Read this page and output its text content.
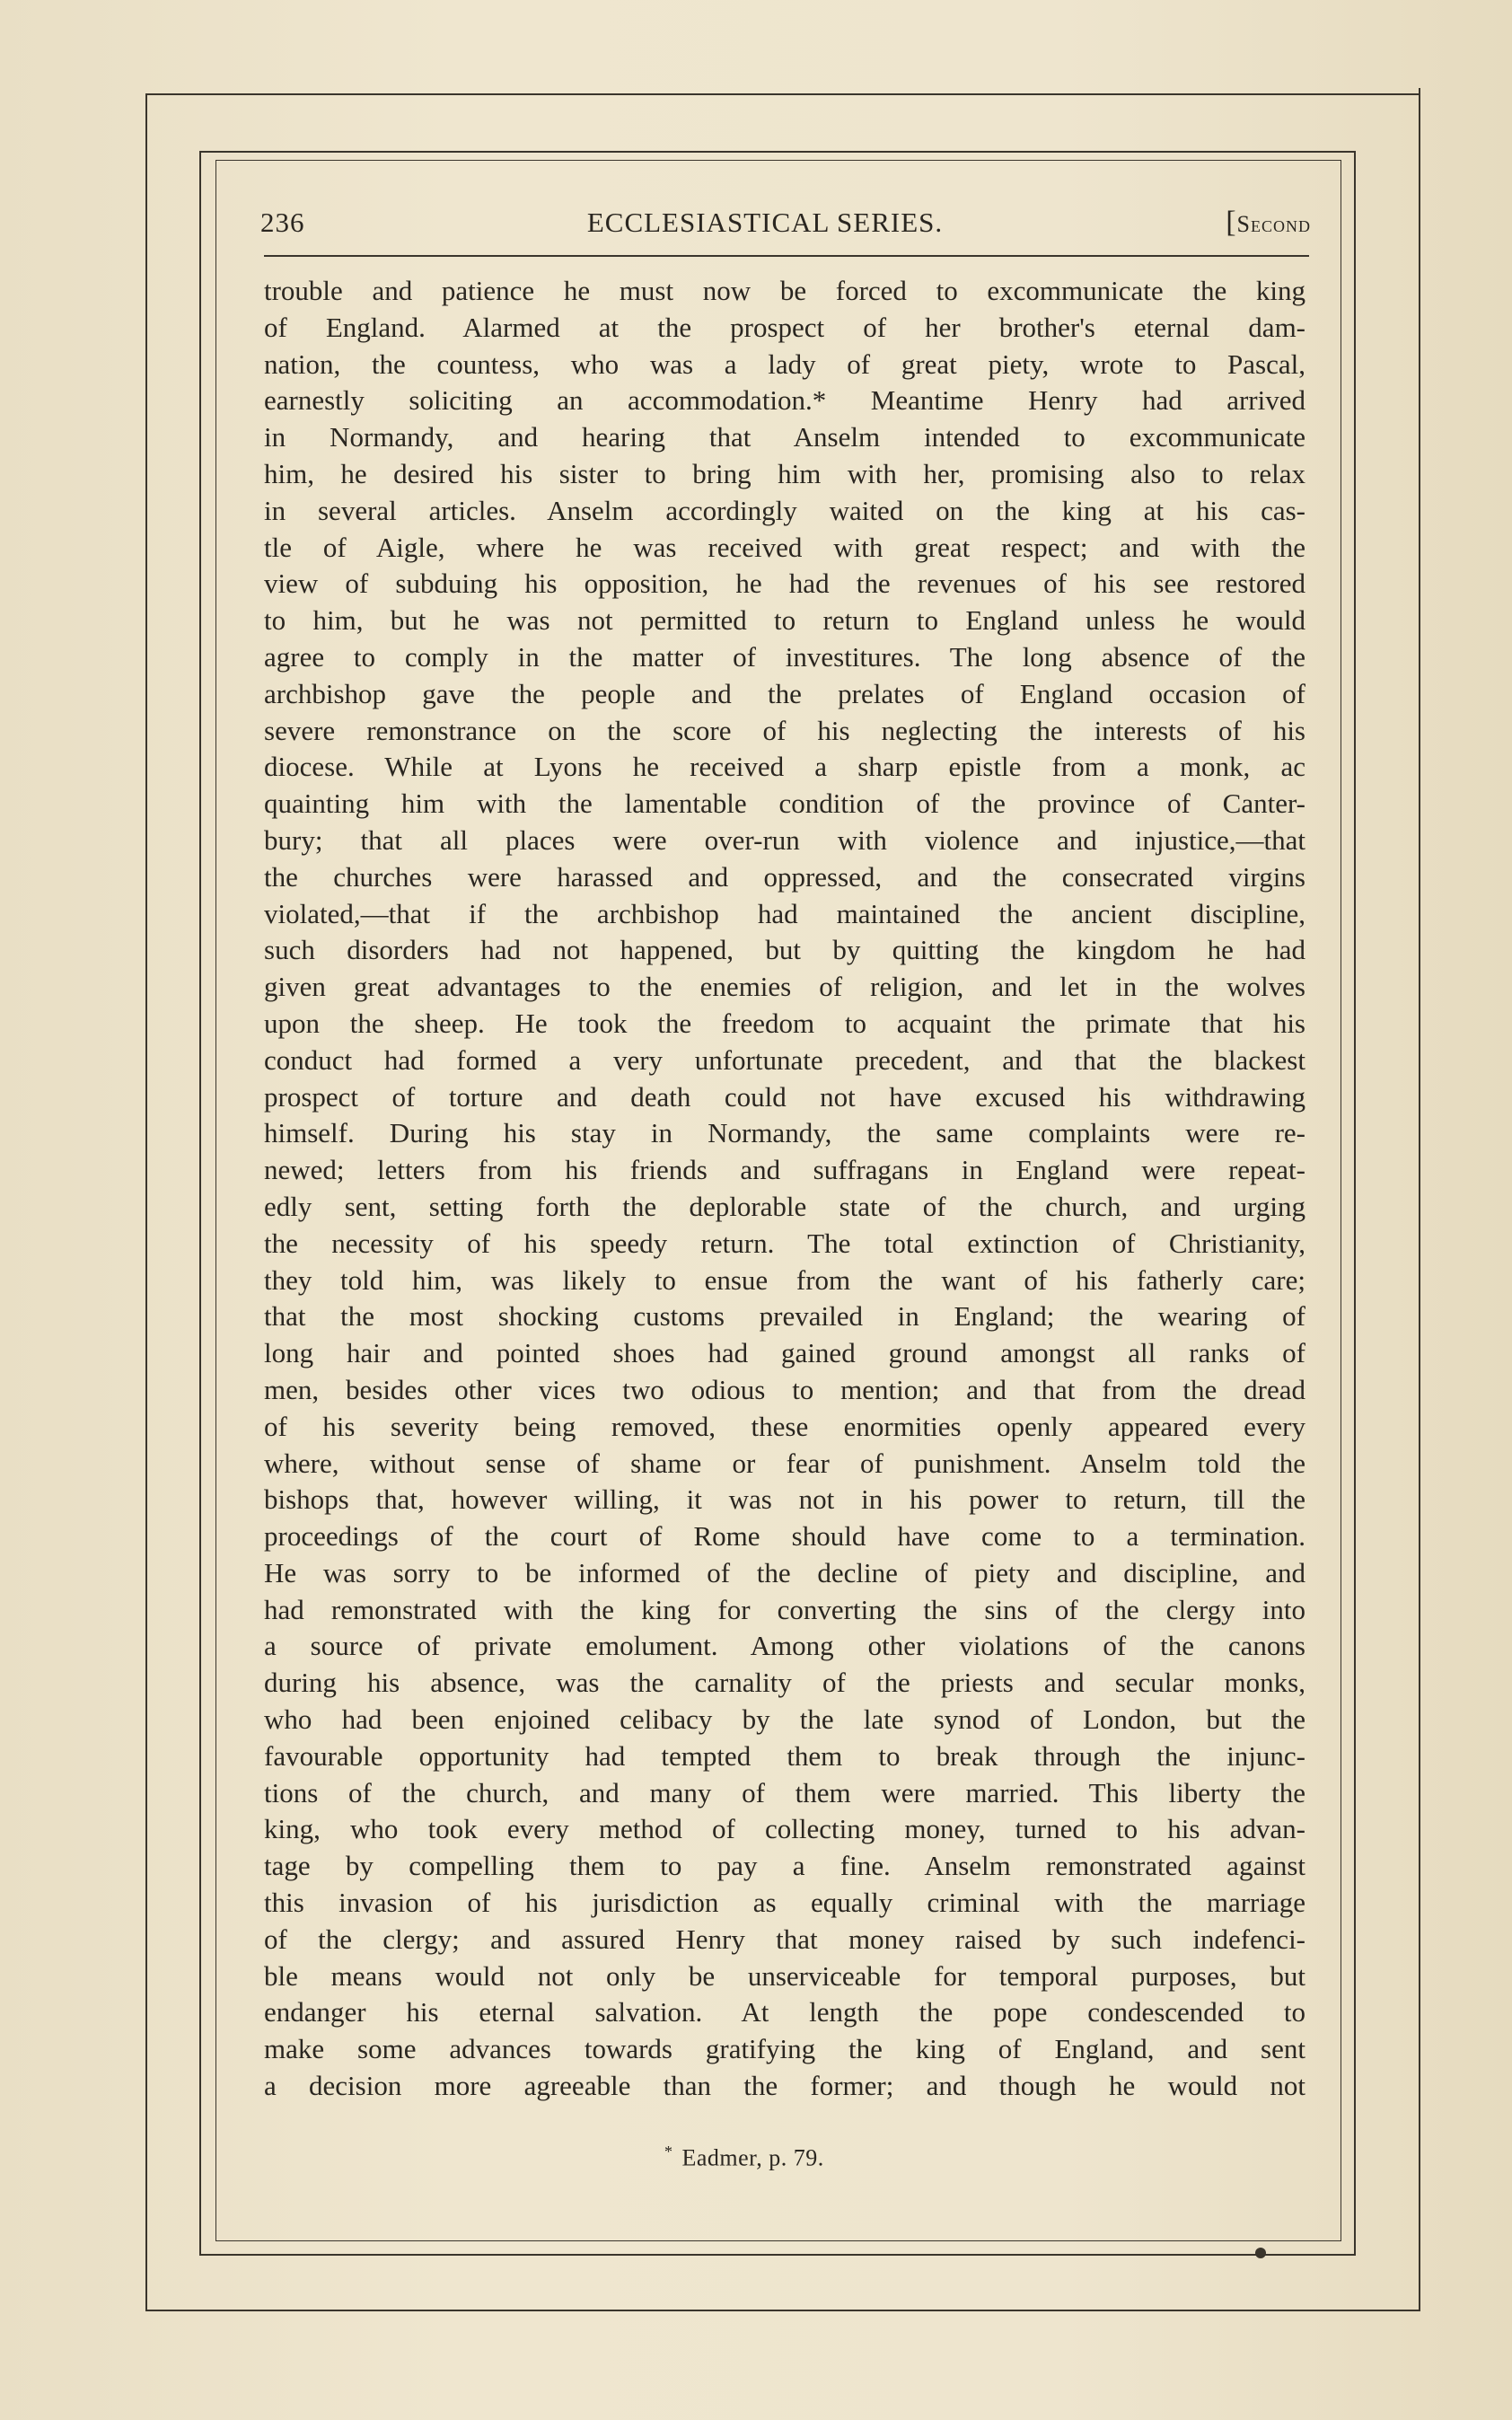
236	ECCLESIASTICAL SERIES.	[Second
trouble and patience he must now be forced to excommunicate the king
of England. Alarmed at the prospect of her brother's eternal dam-
nation, the countess, who was a lady of great piety, wrote to Pascal,
earnestly soliciting an accommodation.* Meantime Henry had arrived
in Normandy, and hearing that Anselm intended to excommunicate
him, he desired his sister to bring him with her, promising also to relax
in several articles. Anselm accordingly waited on the king at his cas-
tle of Aigle, where he was received with great respect; and with the
view of subduing his opposition, he had the revenues of his see restored
to him, but he was not permitted to return to England unless he would
agree to comply in the matter of investitures. The long absence of the
archbishop gave the people and the prelates of England occasion of
severe remonstrance on the score of his neglecting the interests of his
diocese. While at Lyons he received a sharp epistle from a monk, ac
quainting him with the lamentable condition of the province of Canter-
bury; that all places were over-run with violence and injustice,—that
the churches were harassed and oppressed, and the consecrated virgins
violated,—that if the archbishop had maintained the ancient discipline,
such disorders had not happened, but by quitting the kingdom he had
given great advantages to the enemies of religion, and let in the wolves
upon the sheep. He took the freedom to acquaint the primate that his
conduct had formed a very unfortunate precedent, and that the blackest
prospect of torture and death could not have excused his withdrawing
himself. During his stay in Normandy, the same complaints were re-
newed; letters from his friends and suffragans in England were repeat-
edly sent, setting forth the deplorable state of the church, and urging
the necessity of his speedy return. The total extinction of Christianity,
they told him, was likely to ensue from the want of his fatherly care;
that the most shocking customs prevailed in England; the wearing of
long hair and pointed shoes had gained ground amongst all ranks of
men, besides other vices two odious to mention; and that from the dread
of his severity being removed, these enormities openly appeared every
where, without sense of shame or fear of punishment. Anselm told the
bishops that, however willing, it was not in his power to return, till the
proceedings of the court of Rome should have come to a termination.
He was sorry to be informed of the decline of piety and discipline, and
had remonstrated with the king for converting the sins of the clergy into
a source of private emolument. Among other violations of the canons
during his absence, was the carnality of the priests and secular monks,
who had been enjoined celibacy by the late synod of London, but the
favourable opportunity had tempted them to break through the injunc-
tions of the church, and many of them were married. This liberty the
king, who took every method of collecting money, turned to his advan-
tage by compelling them to pay a fine. Anselm remonstrated against
this invasion of his jurisdiction as equally criminal with the marriage
of the clergy; and assured Henry that money raised by such indefenci-
ble means would not only be unserviceable for temporal purposes, but
endanger his eternal salvation. At length the pope condescended to
make some advances towards gratifying the king of England, and sent
a decision more agreeable than the former; and though he would not
* Eadmer, p. 79.
